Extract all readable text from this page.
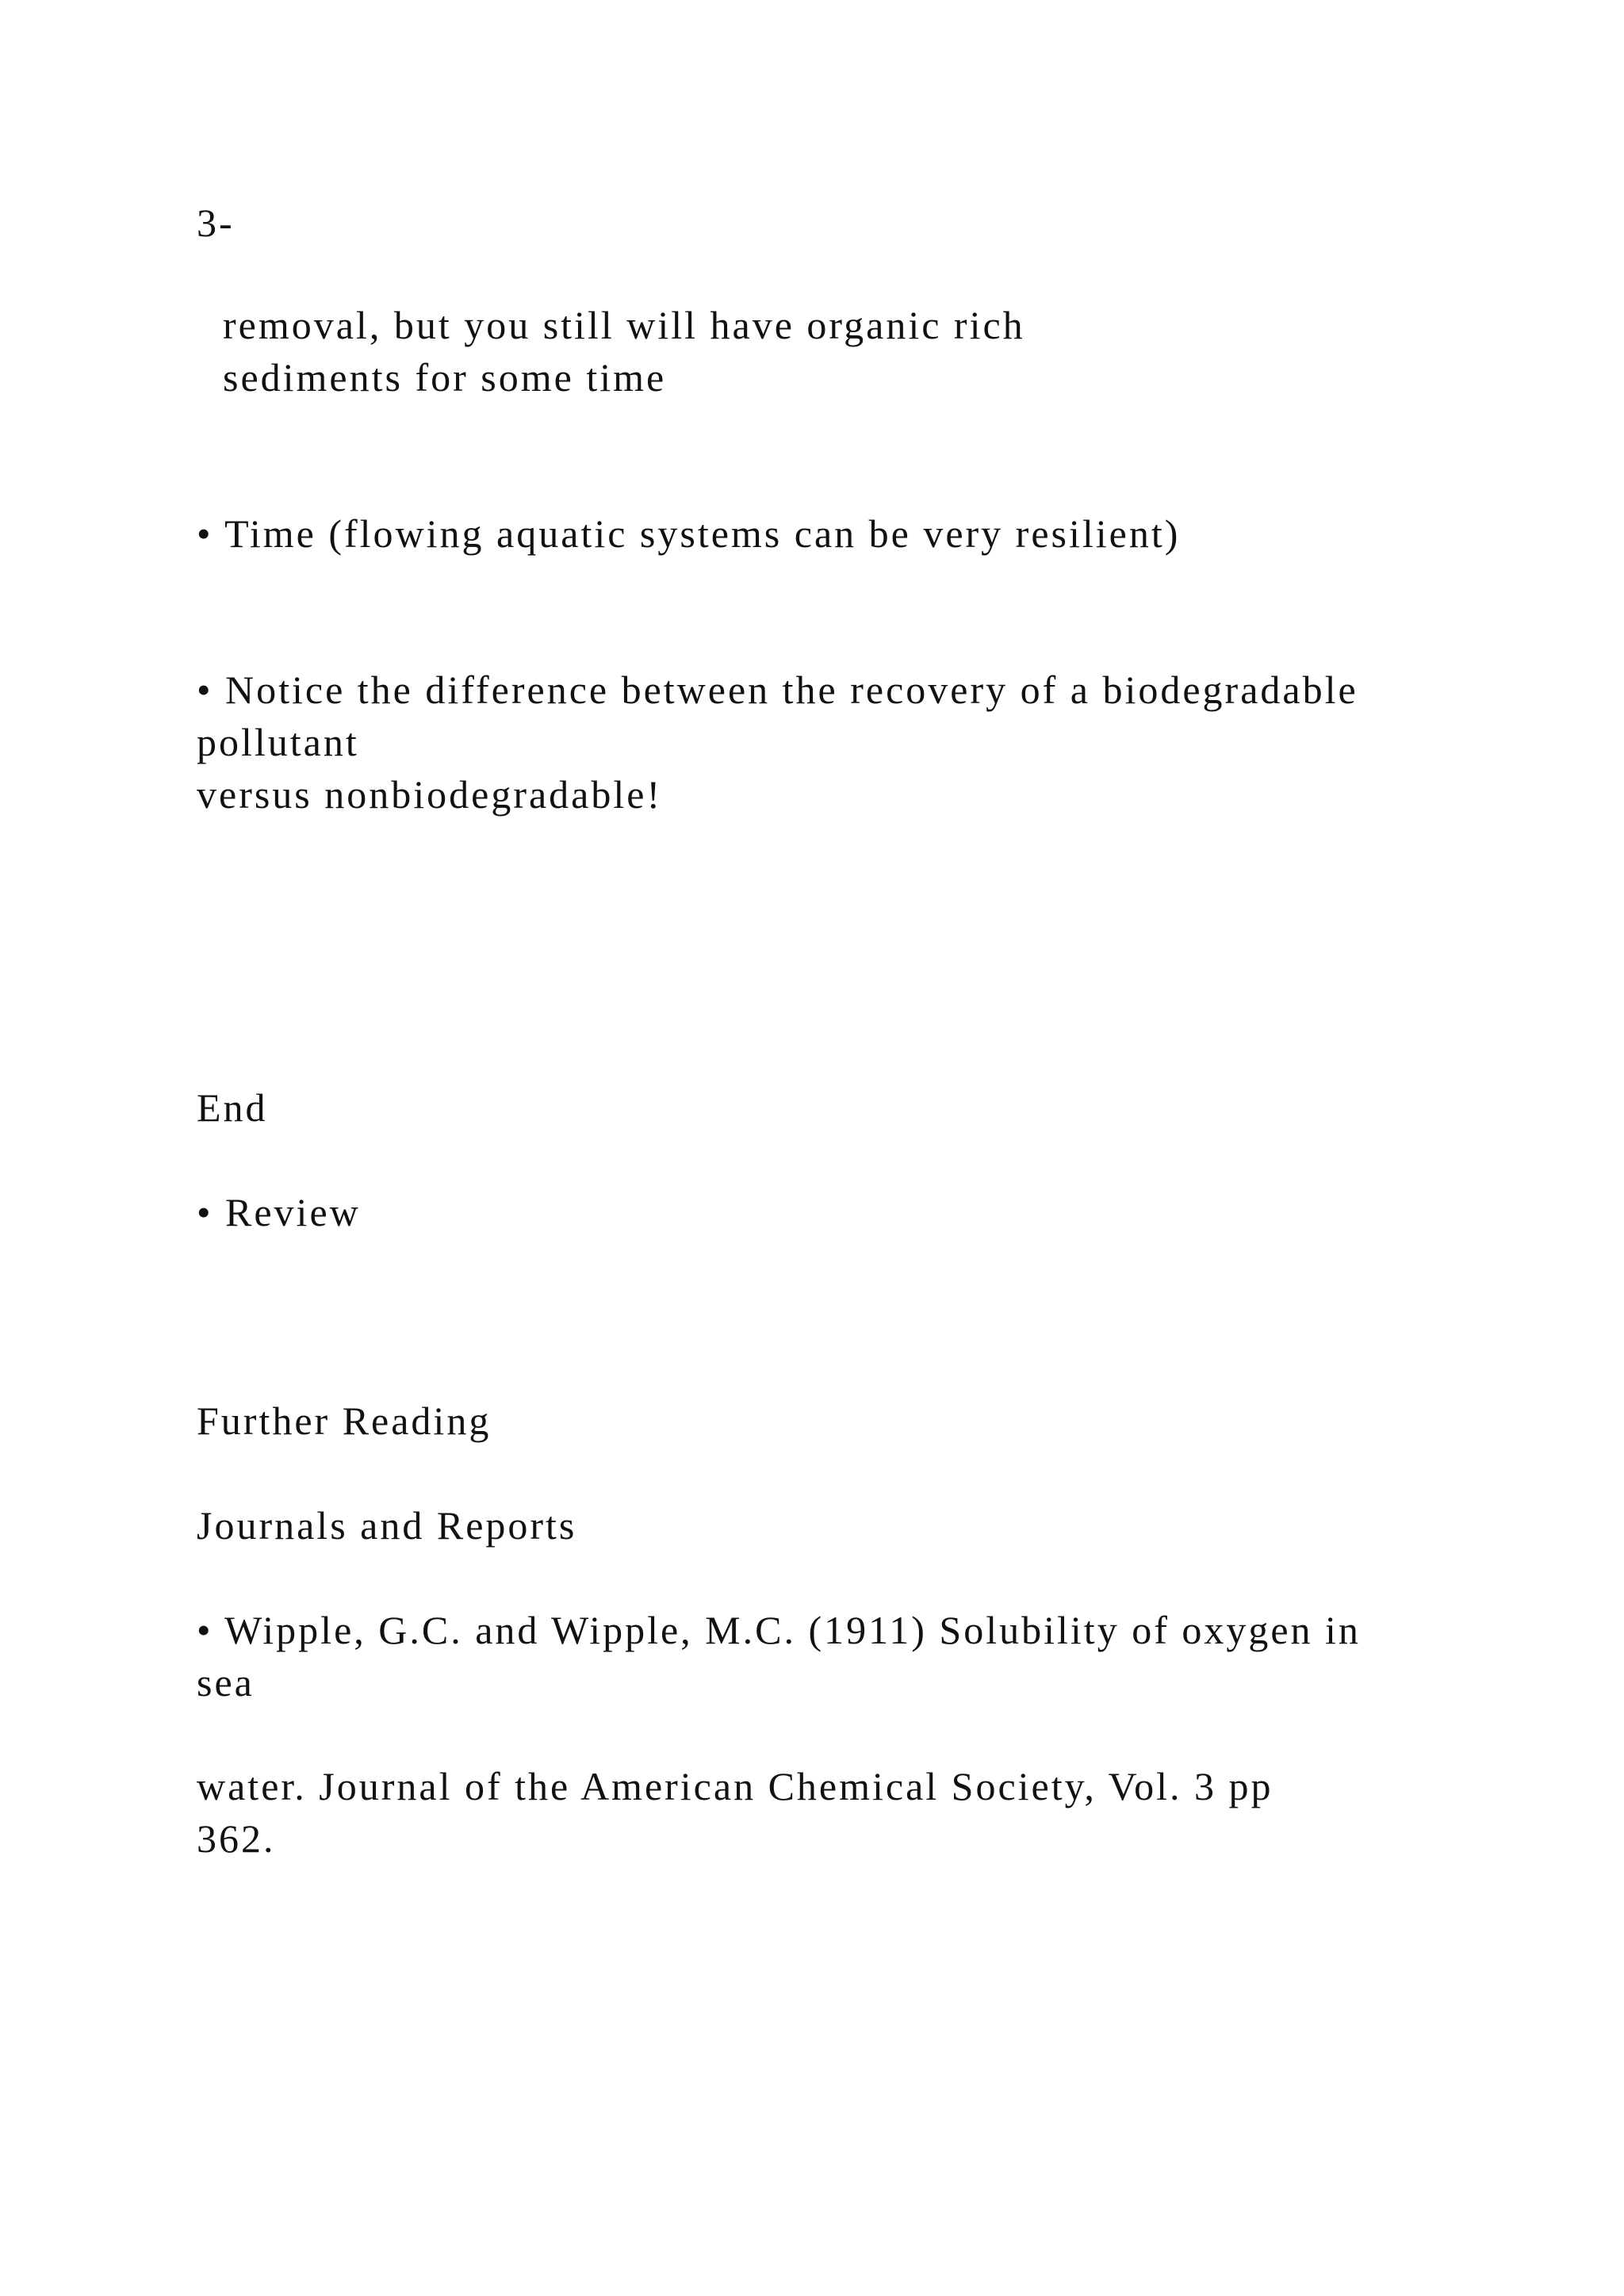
3-

removal, but you still will have organic rich

sediments for some time

• Time (flowing aquatic systems can be very resilient)

• Notice the difference between the recovery of a biodegradable

pollutant

versus nonbiodegradable!

End

• Review

Further Reading

Journals and Reports

• Wipple, G.C. and Wipple, M.C. (1911) Solubility of oxygen in

sea

water. Journal of the American Chemical Society, Vol. 3 pp

362.
